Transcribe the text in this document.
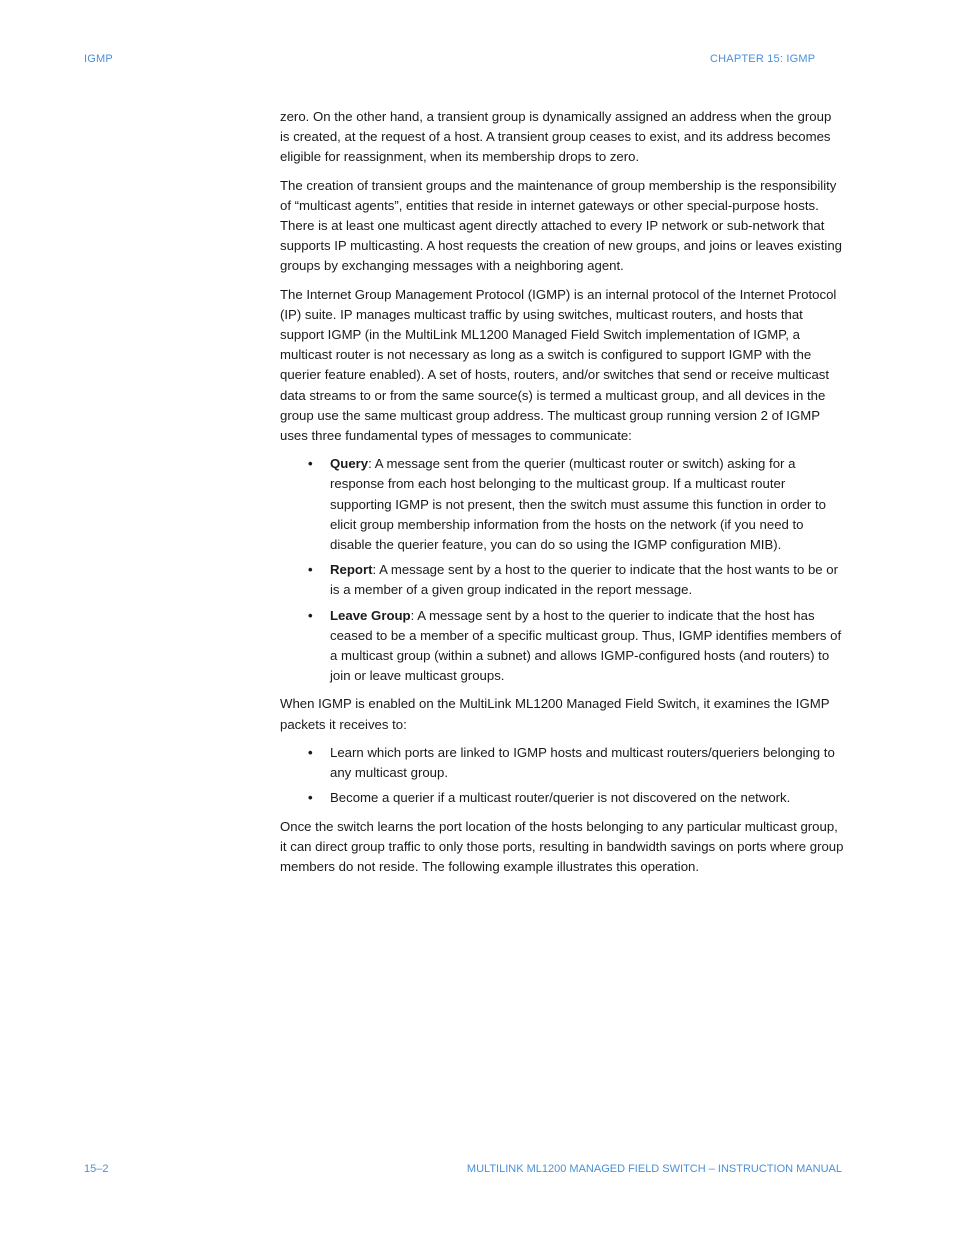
IGMP	CHAPTER 15: IGMP

zero. On the other hand, a transient group is dynamically assigned an address when the group is created, at the request of a host. A transient group ceases to exist, and its address becomes eligible for reassignment, when its membership drops to zero.

The creation of transient groups and the maintenance of group membership is the responsibility of “multicast agents”, entities that reside in internet gateways or other special-purpose hosts. There is at least one multicast agent directly attached to every IP network or sub-network that supports IP multicasting. A host requests the creation of new groups, and joins or leaves existing groups by exchanging messages with a neighboring agent.

The Internet Group Management Protocol (IGMP) is an internal protocol of the Internet Protocol (IP) suite. IP manages multicast traffic by using switches, multicast routers, and hosts that support IGMP (in the MultiLink ML1200 Managed Field Switch implementation of IGMP, a multicast router is not necessary as long as a switch is configured to support IGMP with the querier feature enabled). A set of hosts, routers, and/or switches that send or receive multicast data streams to or from the same source(s) is termed a multicast group, and all devices in the group use the same multicast group address. The multicast group running version 2 of IGMP uses three fundamental types of messages to communicate:

• Query: A message sent from the querier (multicast router or switch) asking for a response from each host belonging to the multicast group. If a multicast router supporting IGMP is not present, then the switch must assume this function in order to elicit group membership information from the hosts on the network (if you need to disable the querier feature, you can do so using the IGMP configuration MIB).
• Report: A message sent by a host to the querier to indicate that the host wants to be or is a member of a given group indicated in the report message.
• Leave Group: A message sent by a host to the querier to indicate that the host has ceased to be a member of a specific multicast group. Thus, IGMP identifies members of a multicast group (within a subnet) and allows IGMP-configured hosts (and routers) to join or leave multicast groups.

When IGMP is enabled on the MultiLink ML1200 Managed Field Switch, it examines the IGMP packets it receives to:

• Learn which ports are linked to IGMP hosts and multicast routers/queriers belonging to any multicast group.
• Become a querier if a multicast router/querier is not discovered on the network.

Once the switch learns the port location of the hosts belonging to any particular multicast group, it can direct group traffic to only those ports, resulting in bandwidth savings on ports where group members do not reside. The following example illustrates this operation.

15–2	MULTILINK ML1200 MANAGED FIELD SWITCH – INSTRUCTION MANUAL
